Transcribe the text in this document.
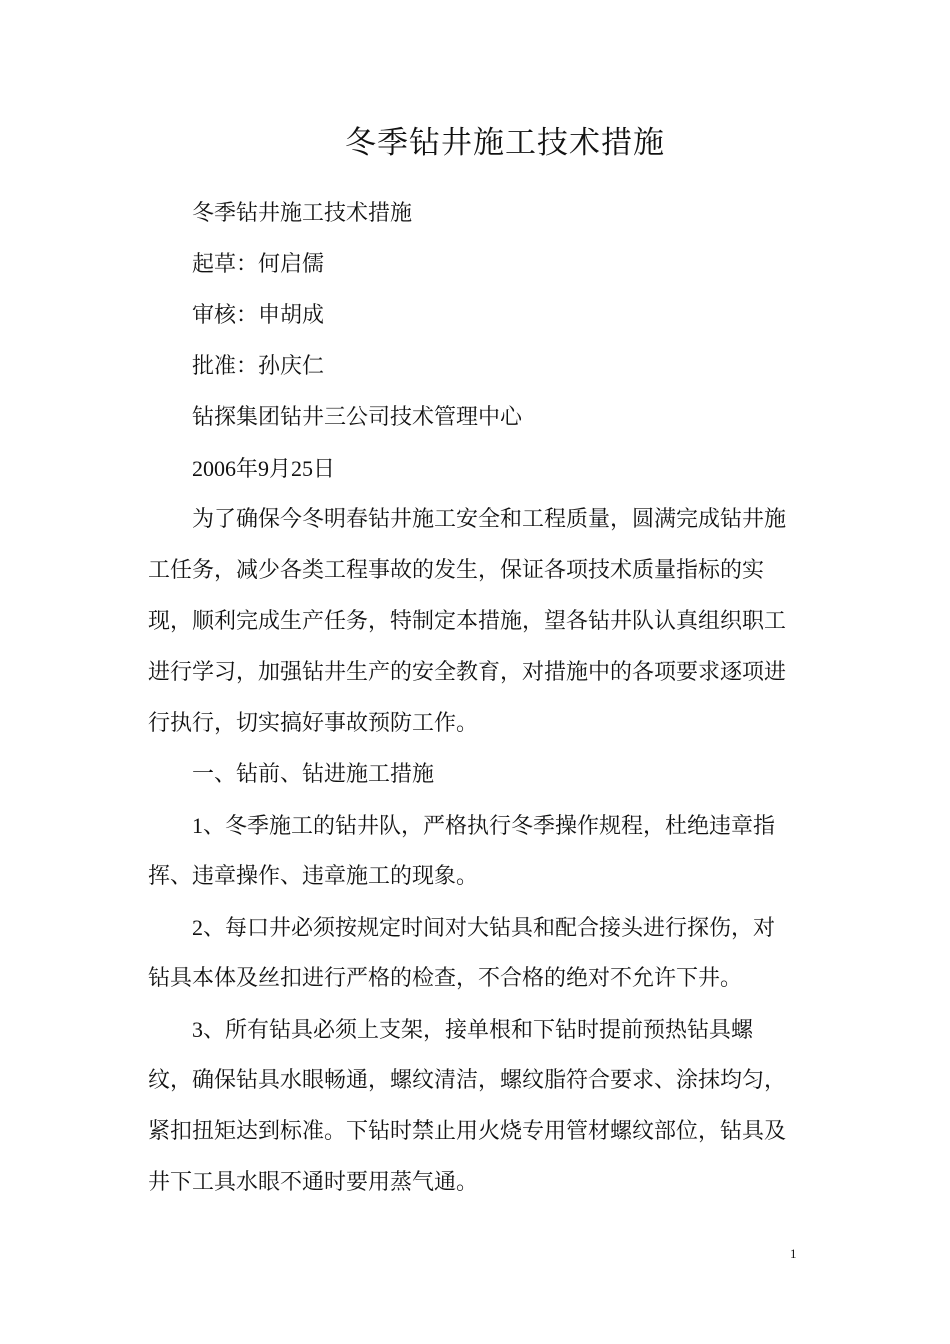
冬季钻井施工技术措施
冬季钻井施工技术措施
起草：何启儒
审核：申胡成
批准：孙庆仁
钻探集团钻井三公司技术管理中心
2006年9月25日
为了确保今冬明春钻井施工安全和工程质量，圆满完成钻井施
工任务，减少各类工程事故的发生，保证各项技术质量指标的实
现，顺利完成生产任务，特制定本措施，望各钻井队认真组织职工
进行学习，加强钻井生产的安全教育，对措施中的各项要求逐项进
行执行，切实搞好事故预防工作。
一、钻前、钻进施工措施
1、冬季施工的钻井队，严格执行冬季操作规程，杜绝违章指
挥、违章操作、违章施工的现象。
2、每口井必须按规定时间对大钻具和配合接头进行探伤，对
钻具本体及丝扣进行严格的检查，不合格的绝对不允许下井。
3、所有钻具必须上支架，接单根和下钻时提前预热钻具螺
纹，确保钻具水眼畅通，螺纹清洁，螺纹脂符合要求、涂抹均匀，
紧扣扭矩达到标准。下钻时禁止用火烧专用管材螺纹部位，钻具及
井下工具水眼不通时要用蒸气通。
1
